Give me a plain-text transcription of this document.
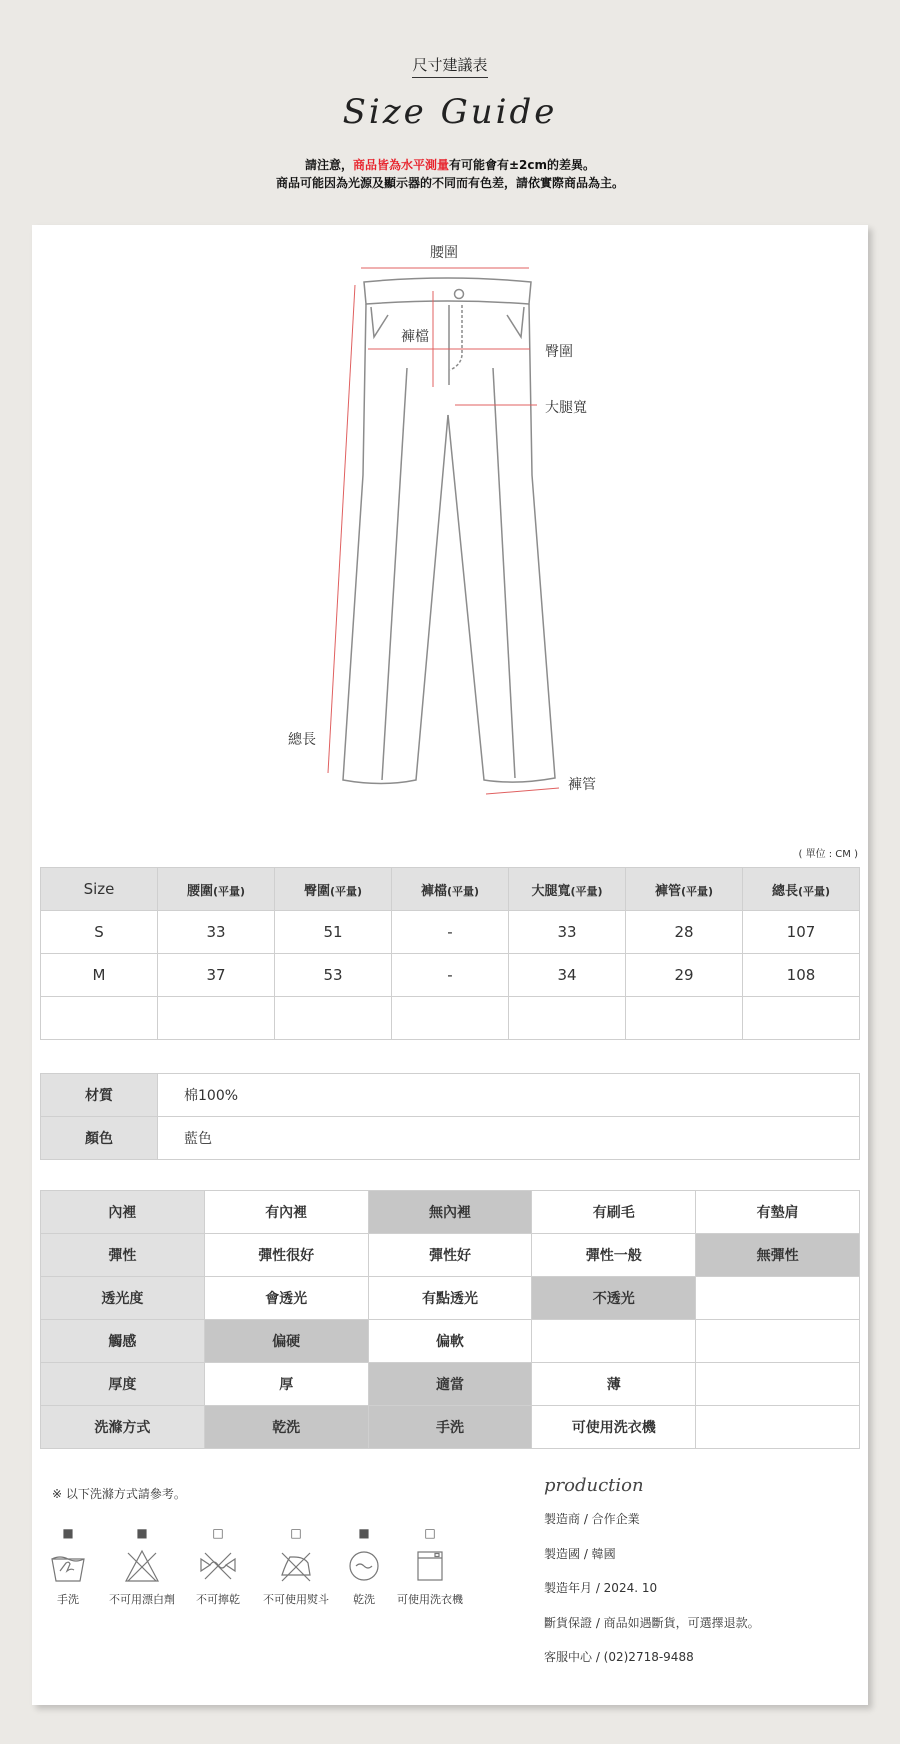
尺寸建議表
Size Guide
請注意，商品皆為水平測量有可能會有±2cm的差異。
商品可能因為光源及顯示器的不同而有色差，請依實際商品為主。
腰圍
褲檔
臀圍
大腿寬
總長
褲管
( 單位 : CM )
Size	腰圍(平量)	臀圍(平量)	褲檔(平量)	大腿寬(平量)	褲管(平量)	總長(平量)
S	33	51	-	33	28	107
M	37	53	-	34	29	108

材質	棉100%
顏色	藍色
內裡	有內裡	無內裡	有刷毛	有墊肩
彈性	彈性很好	彈性好	彈性一般	無彈性
透光度	會透光	有點透光	不透光	
觸感	偏硬	偏軟		
厚度	厚	適當	薄	
洗滌方式	乾洗	手洗	可使用洗衣機	
※ 以下洗滌方式請參考。
■
手洗
■
不可用漂白劑
□
不可擰乾
□
不可使用熨斗
■
乾洗
□
可使用洗衣機
production
製造商 / 合作企業
製造國 / 韓國
製造年月 / 2024. 10
斷貨保證 / 商品如遇斷貨，可選擇退款。
客服中心 / (02)2718-9488
